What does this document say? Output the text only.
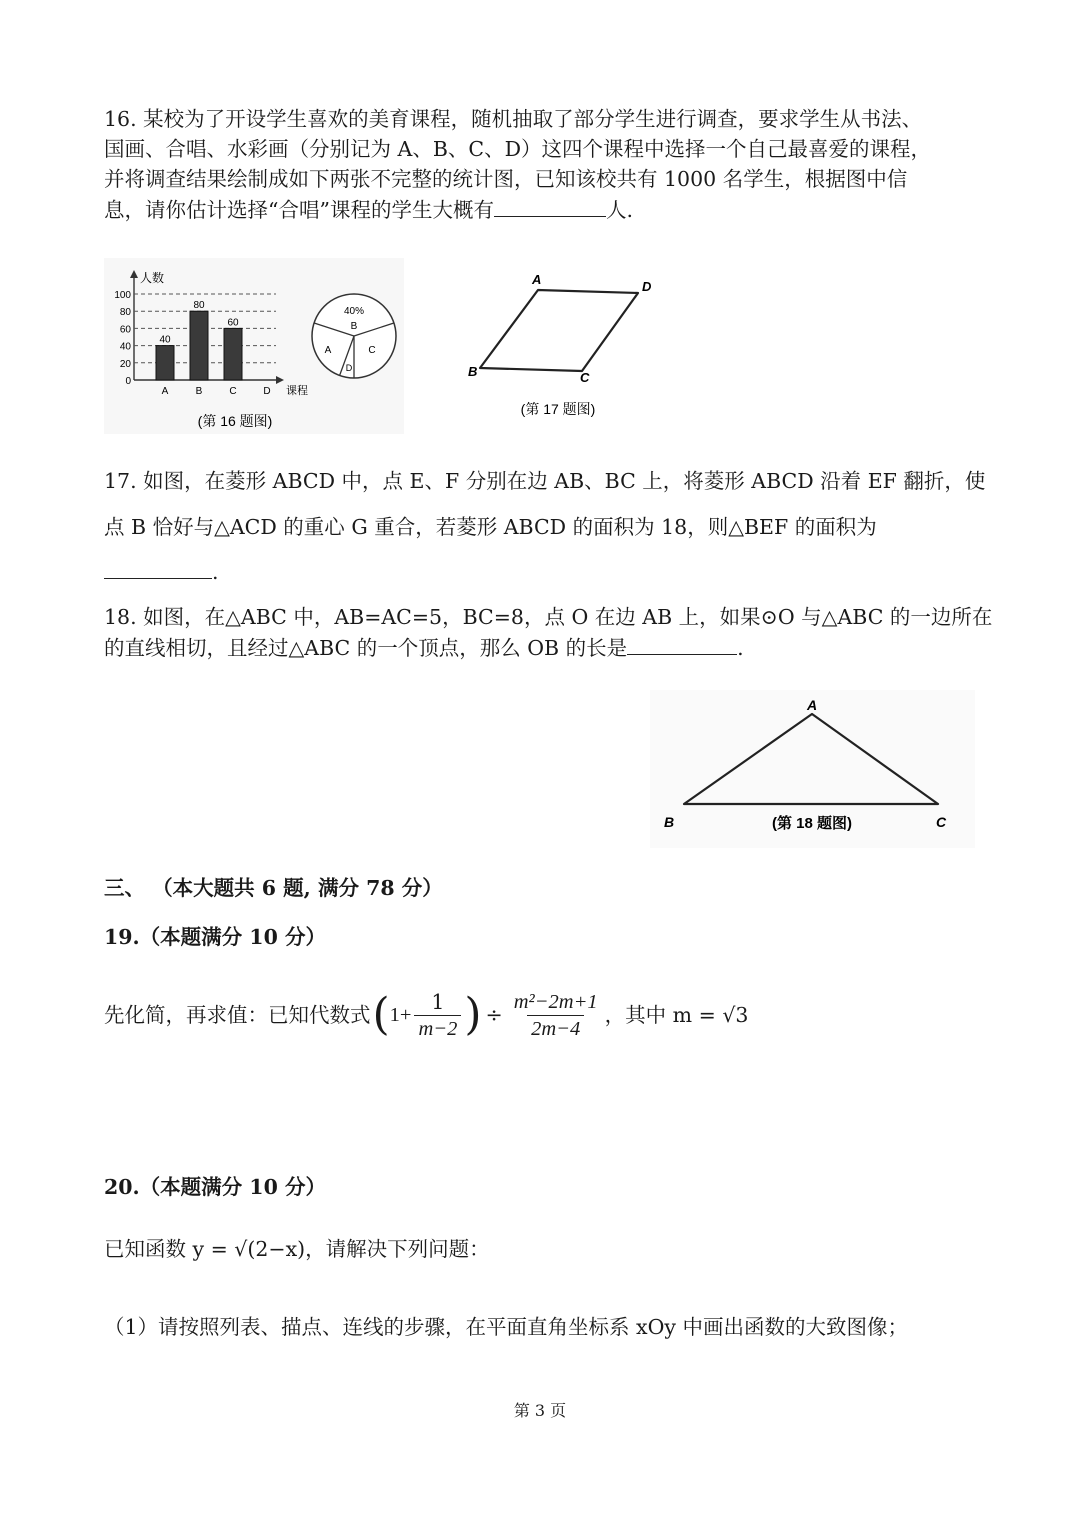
16. 某校为了开设学生喜欢的美育课程，随机抽取了部分学生进行调查，要求学生从书法、
国画、合唱、水彩画（分别记为 A、B、C、D）这四个课程中选择一个自己最喜爱的课程，
并将调查结果绘制成如下两张不完整的统计图，已知该校共有 1000 名学生，根据图中信
息，请你估计选择“合唱”课程的学生大概有	人.
人数
课程
0
20
40
60
80
100
A	B	C	D
40
80
60
40%
B
A	C
D
(第 16 题图)
A	D
B	C
(第 17 题图)
17. 如图，在菱形 ABCD 中，点 E、F 分别在边 AB、BC 上，将菱形 ABCD 沿着 EF 翻折，使
点 B 恰好与△ACD 的重心 G 重合，若菱形 ABCD 的面积为 18，则△BEF 的面积为
.
18. 如图，在△ABC 中，AB=AC=5，BC=8，点 O 在边 AB 上，如果⊙O 与△ABC 的一边所在
的直线相切，且经过△ABC 的一个顶点，那么 OB 的长是	.
A
B	C
(第 18 题图)
三、 （本大题共 6 题, 满分 78 分）
19.（本题满分 10 分）
先化简，再求值：已知代数式 ( $1+ \frac{1}{m-2}$ ) ÷ $\frac{\text{m²−2m+1}}{2m-4}$ ，其中 m = √3
20.（本题满分 10 分）
已知函数 y = √(2−x)，请解决下列问题：
（1）请按照列表、描点、连线的步骤，在平面直角坐标系 xOy 中画出函数的大致图像；
第 3 页
